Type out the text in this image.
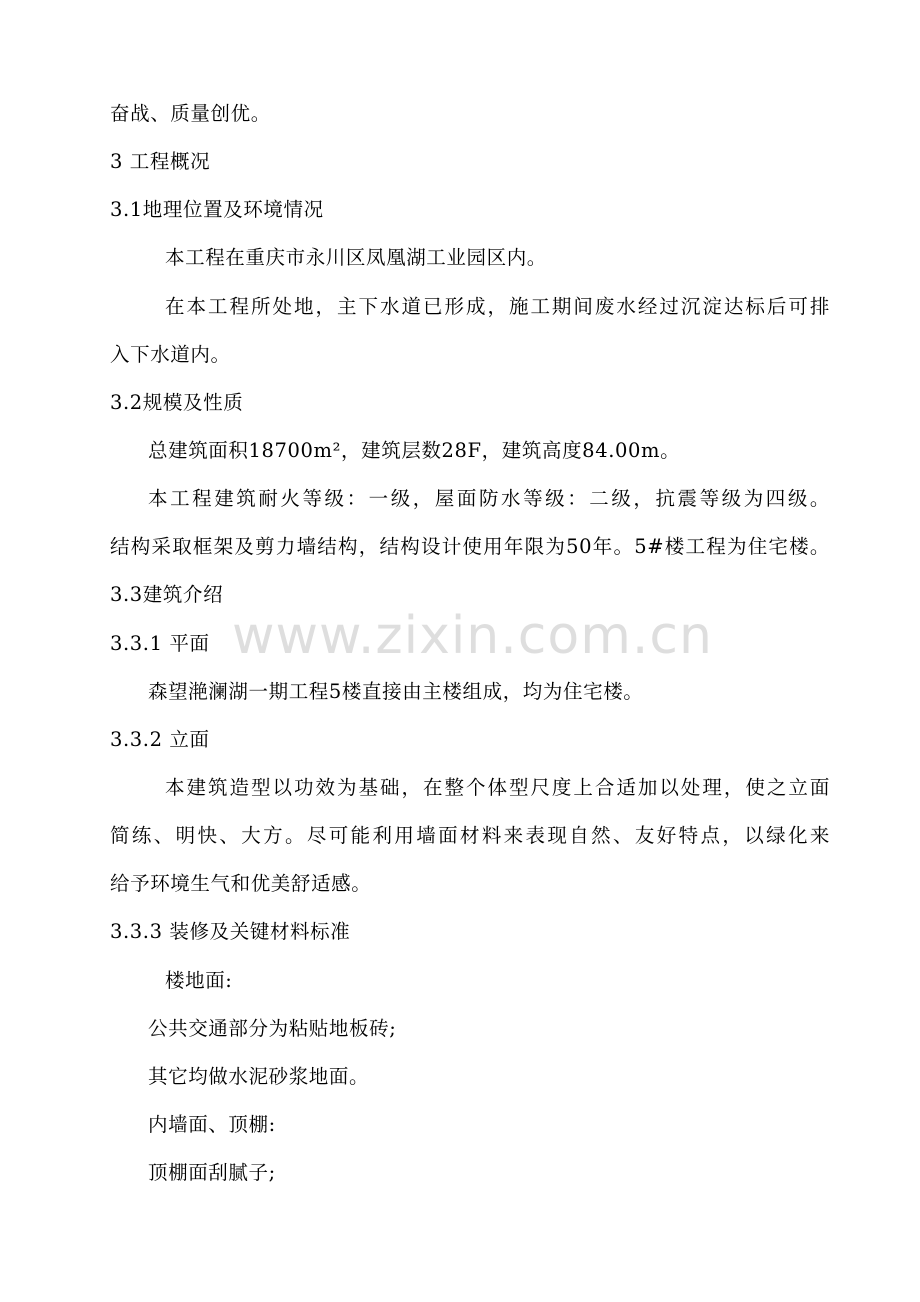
www.zixin.com.cn
奋战、质量创优。
3 工程概况
3.1地理位置及环境情况
本工程在重庆市永川区凤凰湖工业园区内。
在本工程所处地，主下水道已形成，施工期间废水经过沉淀达标后可排
入下水道内。
3.2规模及性质
总建筑面积18700m²，建筑层数28F，建筑高度84.00m。
本工程建筑耐火等级：一级，屋面防水等级：二级，抗震等级为四级。
结构采取框架及剪力墙结构，结构设计使用年限为50年。5#楼工程为住宅楼。
3.3建筑介绍
3.3.1 平面
森望滟澜湖一期工程5楼直接由主楼组成，均为住宅楼。
3.3.2 立面
本建筑造型以功效为基础，在整个体型尺度上合适加以处理，使之立面
简练、明快、大方。尽可能利用墙面材料来表现自然、友好特点，以绿化来
给予环境生气和优美舒适感。
3.3.3 装修及关键材料标准
楼地面:
公共交通部分为粘贴地板砖;
其它均做水泥砂浆地面。
内墙面、顶棚:
顶棚面刮腻子;
